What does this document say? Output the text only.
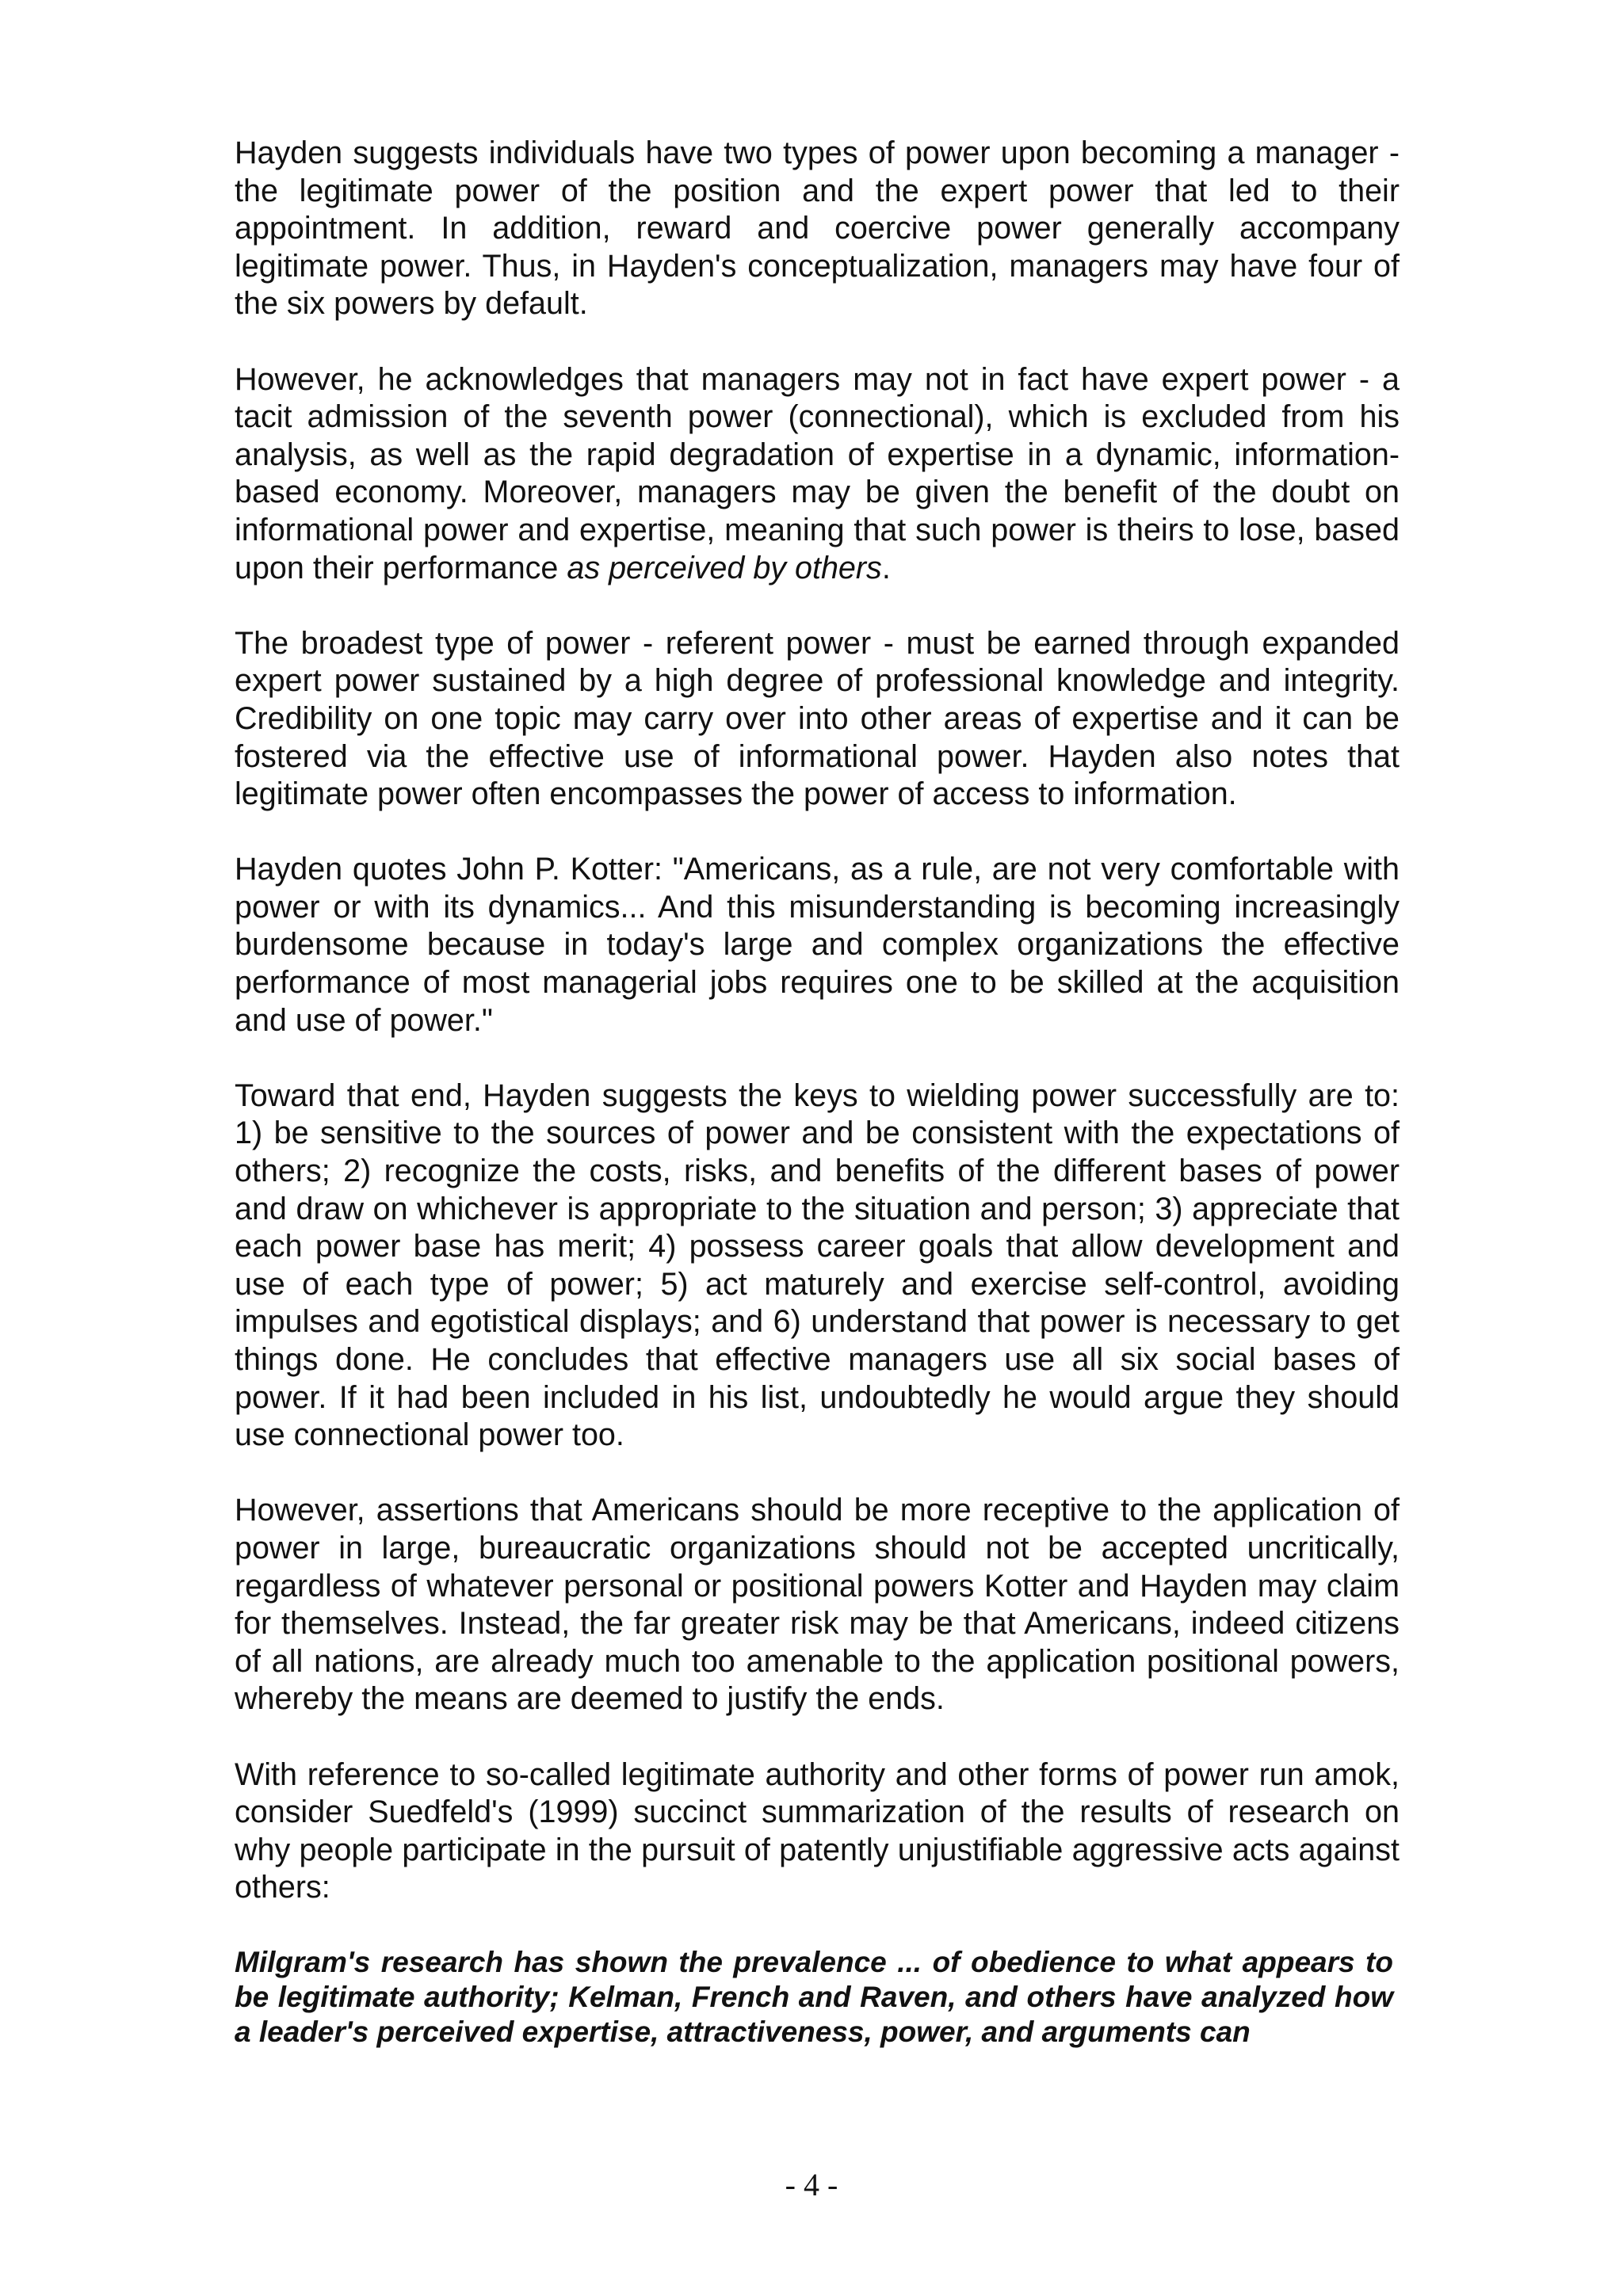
Hayden suggests individuals have two types of power upon becoming a manager - the legitimate power of the position and the expert power that led to their appointment. In addition, reward and coercive power generally accompany legitimate power. Thus, in Hayden's conceptualization, managers may have four of the six powers by default.

However, he acknowledges that managers may not in fact have expert power - a tacit admission of the seventh power (connectional), which is excluded from his analysis, as well as the rapid degradation of expertise in a dynamic, information-based economy. Moreover, managers may be given the benefit of the doubt on informational power and expertise, meaning that such power is theirs to lose, based upon their performance as perceived by others.

The broadest type of power - referent power - must be earned through expanded expert power sustained by a high degree of professional knowledge and integrity. Credibility on one topic may carry over into other areas of expertise and it can be fostered via the effective use of informational power. Hayden also notes that legitimate power often encompasses the power of access to information.

Hayden quotes John P. Kotter: "Americans, as a rule, are not very comfortable with power or with its dynamics... And this misunderstanding is becoming increasingly burdensome because in today's large and complex organizations the effective performance of most managerial jobs requires one to be skilled at the acquisition and use of power."

Toward that end, Hayden suggests the keys to wielding power successfully are to: 1) be sensitive to the sources of power and be consistent with the expectations of others; 2) recognize the costs, risks, and benefits of the different bases of power and draw on whichever is appropriate to the situation and person; 3) appreciate that each power base has merit; 4) possess career goals that allow development and use of each type of power; 5) act maturely and exercise self-control, avoiding impulses and egotistical displays; and 6) understand that power is necessary to get things done. He concludes that effective managers use all six social bases of power. If it had been included in his list, undoubtedly he would argue they should use connectional power too.

However, assertions that Americans should be more receptive to the application of power in large, bureaucratic organizations should not be accepted uncritically, regardless of whatever personal or positional powers Kotter and Hayden may claim for themselves. Instead, the far greater risk may be that Americans, indeed citizens of all nations, are already much too amenable to the application positional powers, whereby the means are deemed to justify the ends.

With reference to so-called legitimate authority and other forms of power run amok, consider Suedfeld's (1999) succinct summarization of the results of research on why people participate in the pursuit of patently unjustifiable aggressive acts against others:

Milgram's research has shown the prevalence ... of obedience to what appears to be legitimate authority; Kelman, French and Raven, and others have analyzed how a leader's perceived expertise, attractiveness, power, and arguments can

- 4 -
